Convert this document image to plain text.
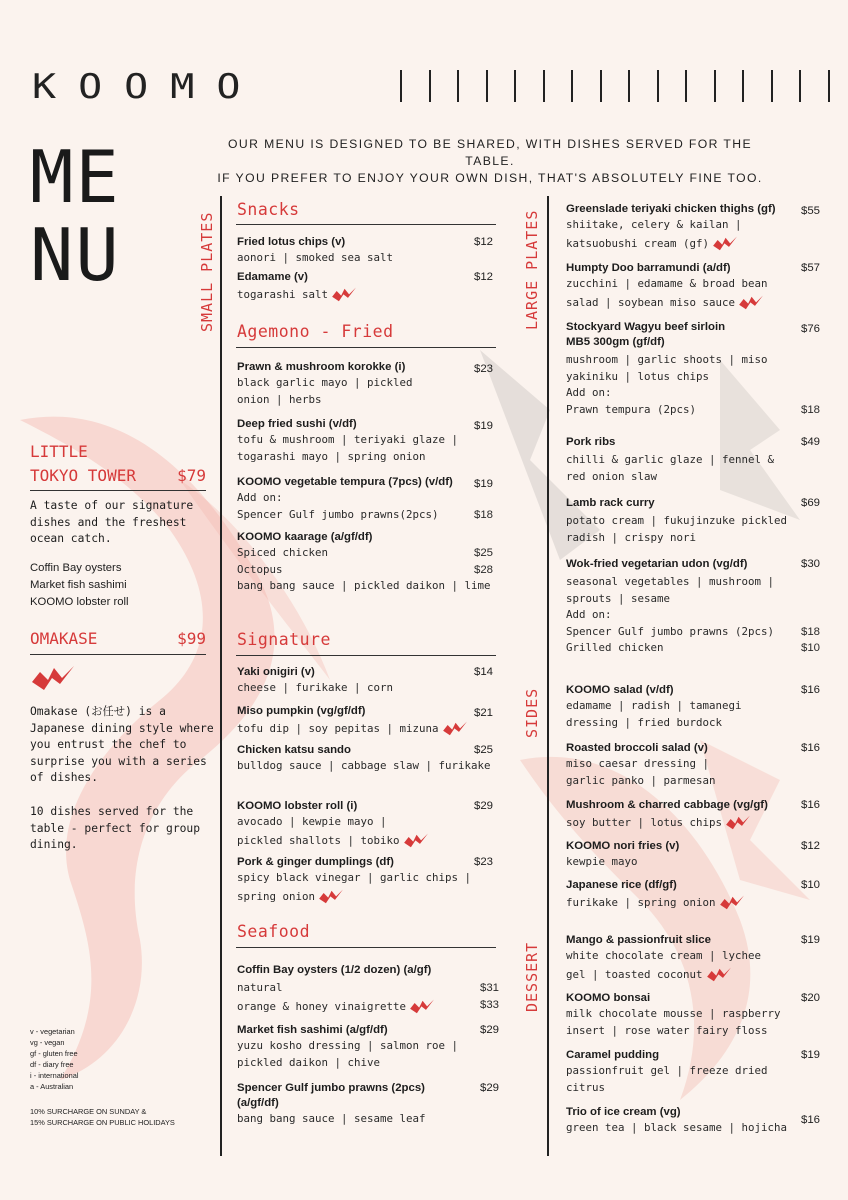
KOOMO
ME
NU
OUR MENU IS DESIGNED TO BE SHARED, WITH DISHES SERVED FOR THE TABLE.
IF YOU PREFER TO ENJOY YOUR OWN DISH, THAT'S ABSOLUTELY FINE TOO.
LITTLE
TOKYO TOWER	$79
A taste of our signature dishes and the freshest ocean catch.
Coffin Bay oysters
Market fish sashimi
KOOMO lobster roll
OMAKASE	$99
Omakase (お任せ) is a Japanese dining style where you entrust the chef to surprise you with a series of dishes.
10 dishes served for the table - perfect for group dining.
v - vegetarian
vg - vegan
gf - gluten free
df - diary free
i - international
a - Australian
10% SURCHARGE ON SUNDAY &
15% SURCHARGE ON PUBLIC HOLIDAYS
SMALL PLATES	LARGE PLATES
SIDES
DESSERT
Snacks
Fried lotus chips (v)	$12
aonori | smoked sea salt
Edamame (v)	$12
togarashi salt
Agemono - Fried
Prawn & mushroom korokke (i)	$23
black garlic mayo | pickled onion | herbs
Deep fried sushi (v/df)	$19
tofu & mushroom | teriyaki glaze | togarashi mayo | spring onion
KOOMO vegetable tempura (7pcs) (v/df)	$19
Add on:
Spencer Gulf jumbo prawns(2pcs)	$18
KOOMO kaarage (a/gf/df)
Spiced chicken	$25
Octopus	$28
bang bang sauce | pickled daikon | lime
Signature
Yaki onigiri (v)	$14
cheese | furikake | corn
Miso pumpkin (vg/gf/df)	$21
tofu dip | soy pepitas | mizuna
Chicken katsu sando	$25
bulldog sauce | cabbage slaw | furikake
KOOMO lobster roll (i)	$29
avocado | kewpie mayo | pickled shallots | tobiko
Pork & ginger dumplings (df)	$23
spicy black vinegar | garlic chips | spring onion
Seafood
Coffin Bay oysters (1/2 dozen) (a/gf)
natural	$31
orange & honey vinaigrette	$33
Market fish sashimi (a/gf/df)	$29
yuzu kosho dressing | salmon roe | pickled daikon | chive
Spencer Gulf jumbo prawns (2pcs) (a/gf/df)
$29
bang bang sauce | sesame leaf
Greenslade teriyaki chicken thighs (gf)	$55
shiitake, celery & kailan | katsuobushi cream (gf)
Humpty Doo barramundi (a/df)	$57
zucchini | edamame & broad bean salad | soybean miso sauce
Stockyard Wagyu beef sirloin MB5 300gm (gf/df)
$76
mushroom | garlic shoots | miso yakiniku | lotus chips
Add on:
Prawn tempura (2pcs)	$18
Pork ribs	$49
chilli & garlic glaze | fennel & red onion slaw
Lamb rack curry	$69
potato cream | fukujinzuke pickled radish | crispy nori
Wok-fried vegetarian udon (vg/df)	$30
seasonal vegetables | mushroom | sprouts | sesame
Add on:
Spencer Gulf jumbo prawns (2pcs) $18
Grilled chicken	$10
KOOMO salad (v/df)	$16
edamame | radish | tamanegi dressing | fried burdock
Roasted broccoli salad (v)	$16
miso caesar dressing | garlic panko | parmesan
Mushroom & charred cabbage (vg/gf)	$16
soy butter | lotus chips
KOOMO nori fries (v)	$12
kewpie mayo
Japanese rice (df/gf)	$10
furikake | spring onion
Mango & passionfruit slice	$19
white chocolate cream | lychee gel | toasted coconut
KOOMO bonsai	$20
milk chocolate mousse | raspberry insert | rose water fairy floss
Caramel pudding	$19
passionfruit gel | freeze dried citrus
Trio of ice cream (vg)
$16
green tea | black sesame | hojicha
